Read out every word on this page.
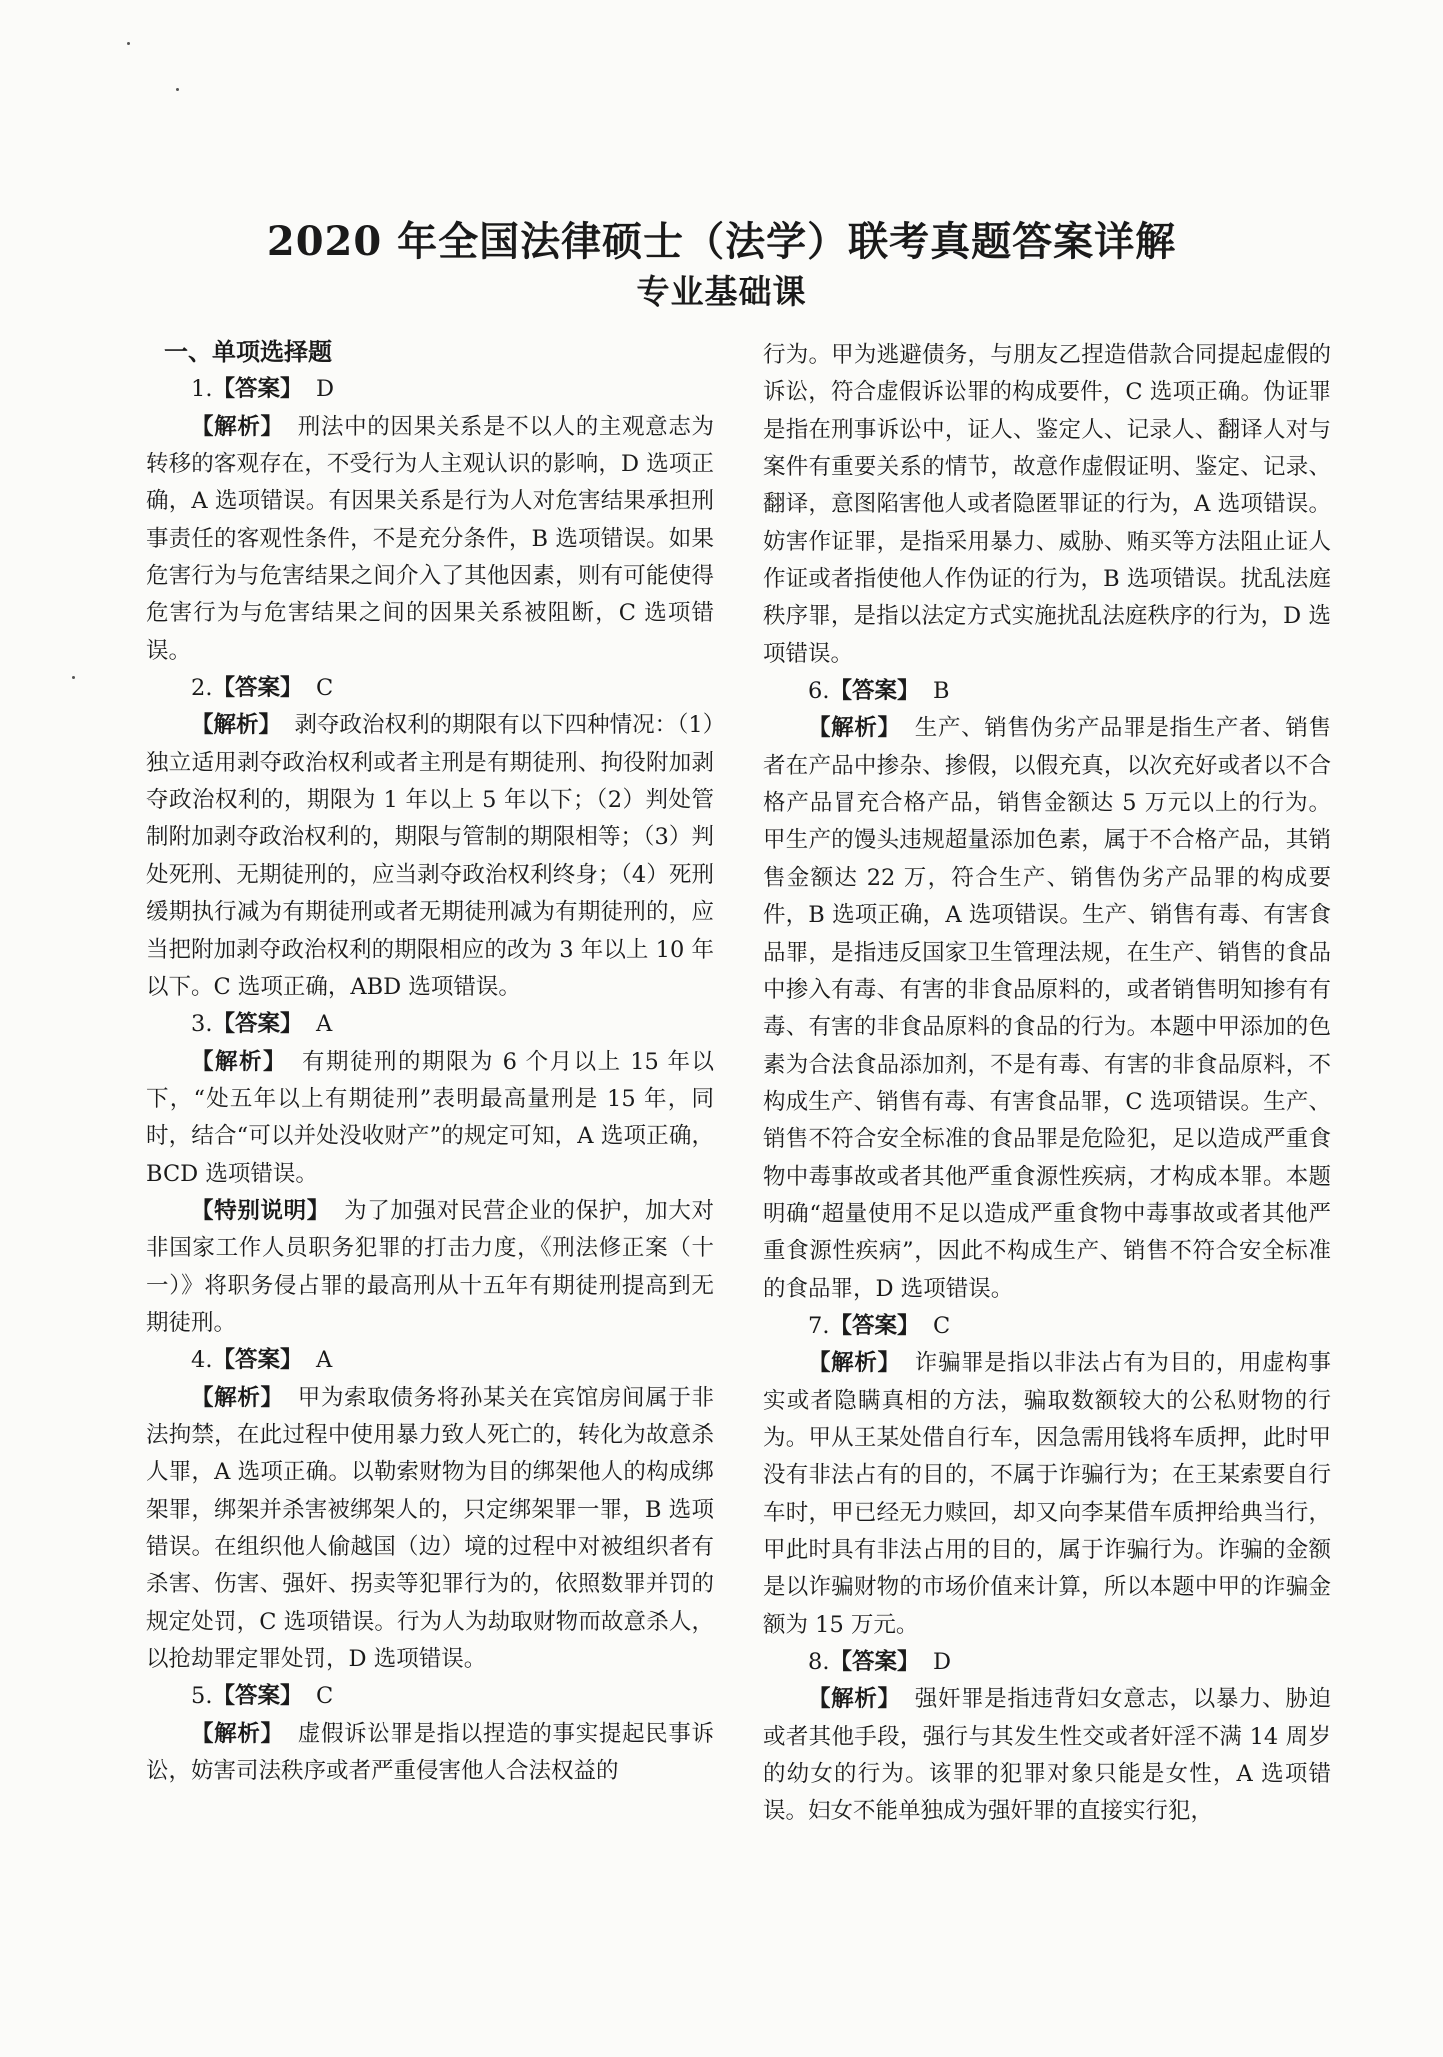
2020 年全国法律硕士（法学）联考真题答案详解
专业基础课

一、单项选择题

1.【答案】 D

【解析】 刑法中的因果关系是不以人的主观意志为转移的客观存在，不受行为人主观认识的影响，D 选项正确，A 选项错误。有因果关系是行为人对危害结果承担刑事责任的客观性条件，不是充分条件，B 选项错误。如果危害行为与危害结果之间介入了其他因素，则有可能使得危害行为与危害结果之间的因果关系被阻断，C 选项错误。

2.【答案】 C

【解析】 剥夺政治权利的期限有以下四种情况：（1）独立适用剥夺政治权利或者主刑是有期徒刑、拘役附加剥夺政治权利的，期限为 1 年以上 5 年以下；（2）判处管制附加剥夺政治权利的，期限与管制的期限相等；（3）判处死刑、无期徒刑的，应当剥夺政治权利终身；（4）死刑缓期执行减为有期徒刑或者无期徒刑减为有期徒刑的，应当把附加剥夺政治权利的期限相应的改为 3 年以上 10 年以下。C 选项正确，ABD 选项错误。

3.【答案】 A

【解析】 有期徒刑的期限为 6 个月以上 15 年以下，“处五年以上有期徒刑”表明最高量刑是 15 年，同时，结合“可以并处没收财产”的规定可知，A 选项正确，BCD 选项错误。

【特别说明】 为了加强对民营企业的保护，加大对非国家工作人员职务犯罪的打击力度，《刑法修正案（十一）》将职务侵占罪的最高刑从十五年有期徒刑提高到无期徒刑。

4.【答案】 A

【解析】 甲为索取债务将孙某关在宾馆房间属于非法拘禁，在此过程中使用暴力致人死亡的，转化为故意杀人罪，A 选项正确。以勒索财物为目的绑架他人的构成绑架罪，绑架并杀害被绑架人的，只定绑架罪一罪，B 选项错误。在组织他人偷越国（边）境的过程中对被组织者有杀害、伤害、强奸、拐卖等犯罪行为的，依照数罪并罚的规定处罚，C 选项错误。行为人为劫取财物而故意杀人，以抢劫罪定罪处罚，D 选项错误。

5.【答案】 C

【解析】 虚假诉讼罪是指以捏造的事实提起民事诉讼，妨害司法秩序或者严重侵害他人合法权益的

行为。甲为逃避债务，与朋友乙捏造借款合同提起虚假的诉讼，符合虚假诉讼罪的构成要件，C 选项正确。伪证罪是指在刑事诉讼中，证人、鉴定人、记录人、翻译人对与案件有重要关系的情节，故意作虚假证明、鉴定、记录、翻译，意图陷害他人或者隐匿罪证的行为，A 选项错误。妨害作证罪，是指采用暴力、威胁、贿买等方法阻止证人作证或者指使他人作伪证的行为，B 选项错误。扰乱法庭秩序罪，是指以法定方式实施扰乱法庭秩序的行为，D 选项错误。

6.【答案】 B

【解析】 生产、销售伪劣产品罪是指生产者、销售者在产品中掺杂、掺假，以假充真，以次充好或者以不合格产品冒充合格产品，销售金额达 5 万元以上的行为。甲生产的馒头违规超量添加色素，属于不合格产品，其销售金额达 22 万，符合生产、销售伪劣产品罪的构成要件，B 选项正确，A 选项错误。生产、销售有毒、有害食品罪，是指违反国家卫生管理法规，在生产、销售的食品中掺入有毒、有害的非食品原料的，或者销售明知掺有有毒、有害的非食品原料的食品的行为。本题中甲添加的色素为合法食品添加剂，不是有毒、有害的非食品原料，不构成生产、销售有毒、有害食品罪，C 选项错误。生产、销售不符合安全标准的食品罪是危险犯，足以造成严重食物中毒事故或者其他严重食源性疾病，才构成本罪。本题明确“超量使用不足以造成严重食物中毒事故或者其他严重食源性疾病”，因此不构成生产、销售不符合安全标准的食品罪，D 选项错误。

7.【答案】 C

【解析】 诈骗罪是指以非法占有为目的，用虚构事实或者隐瞒真相的方法，骗取数额较大的公私财物的行为。甲从王某处借自行车，因急需用钱将车质押，此时甲没有非法占有的目的，不属于诈骗行为；在王某索要自行车时，甲已经无力赎回，却又向李某借车质押给典当行，甲此时具有非法占用的目的，属于诈骗行为。诈骗的金额是以诈骗财物的市场价值来计算，所以本题中甲的诈骗金额为 15 万元。

8.【答案】 D

【解析】 强奸罪是指违背妇女意志，以暴力、胁迫或者其他手段，强行与其发生性交或者奸淫不满 14 周岁的幼女的行为。该罪的犯罪对象只能是女性，A 选项错误。妇女不能单独成为强奸罪的直接实行犯，
